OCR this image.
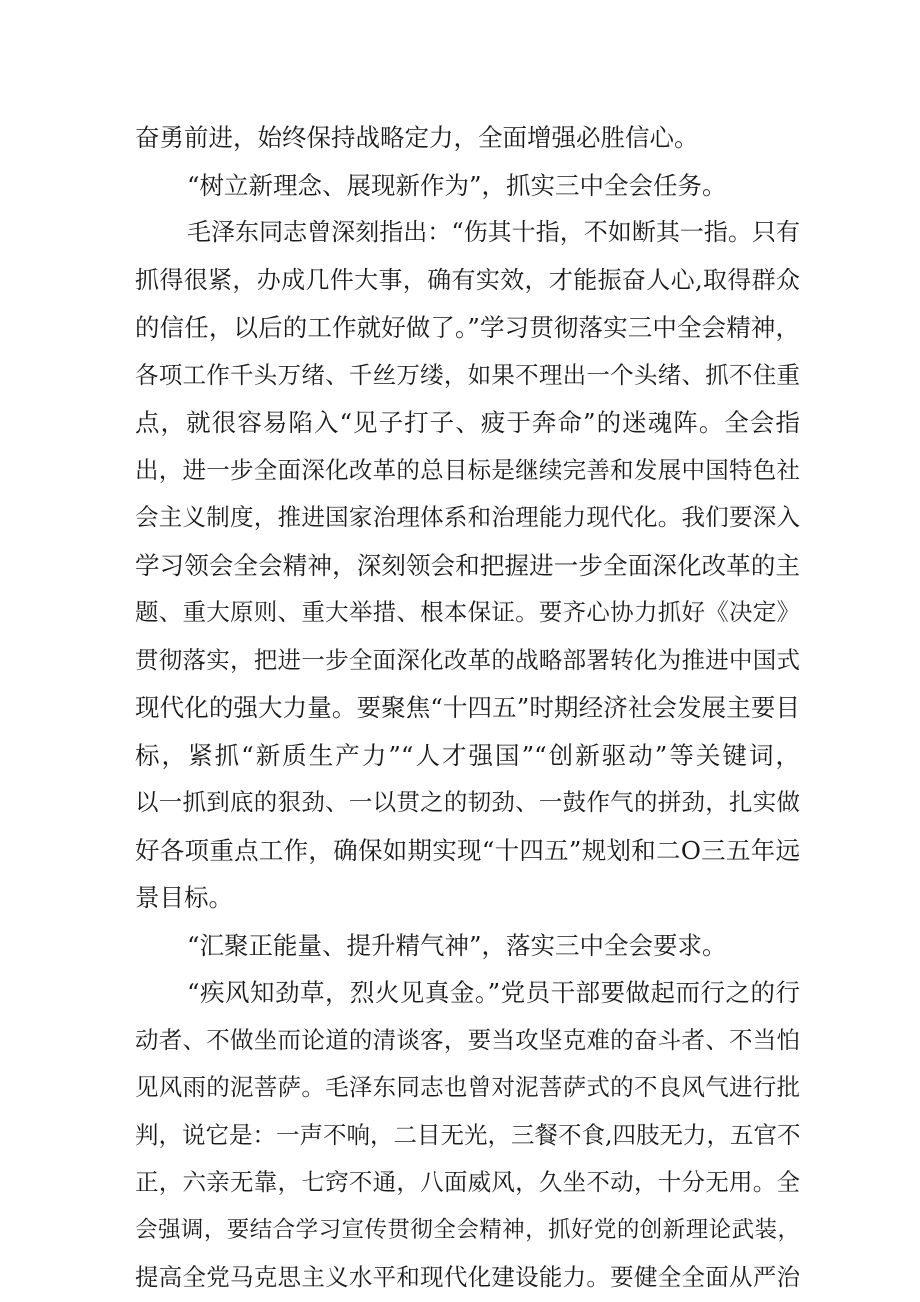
奋勇前进，始终保持战略定力，全面增强必胜信心。
“树立新理念、展现新作为”，抓实三中全会任务。
毛泽东同志曾深刻指出：“伤其十指，不如断其一指。只有
抓得很紧，办成几件大事，确有实效，才能振奋人心,取得群众
的信任，以后的工作就好做了。”学习贯彻落实三中全会精神，
各项工作千头万绪、千丝万缕，如果不理出一个头绪、抓不住重
点，就很容易陷入“见子打子、疲于奔命”的迷魂阵。全会指
出，进一步全面深化改革的总目标是继续完善和发展中国特色社
会主义制度，推进国家治理体系和治理能力现代化。我们要深入
学习领会全会精神，深刻领会和把握进一步全面深化改革的主
题、重大原则、重大举措、根本保证。要齐心协力抓好《决定》
贯彻落实，把进一步全面深化改革的战略部署转化为推进中国式
现代化的强大力量。要聚焦“十四五”时期经济社会发展主要目
标，紧抓“新质生产力”“人才强国”“创新驱动”等关键词，
以一抓到底的狠劲、一以贯之的韧劲、一鼓作气的拼劲，扎实做
好各项重点工作，确保如期实现“十四五”规划和二O三五年远
景目标。
“汇聚正能量、提升精气神”，落实三中全会要求。
“疾风知劲草，烈火见真金。”党员干部要做起而行之的行
动者、不做坐而论道的清谈客，要当攻坚克难的奋斗者、不当怕
见风雨的泥菩萨。毛泽东同志也曾对泥菩萨式的不良风气进行批
判，说它是：一声不响，二目无光，三餐不食,四肢无力，五官不
正，六亲无靠，七窍不通，八面威风，久坐不动，十分无用。全
会强调，要结合学习宣传贯彻全会精神，抓好党的创新理论武装，
提高全党马克思主义水平和现代化建设能力。要健全全面从严治
